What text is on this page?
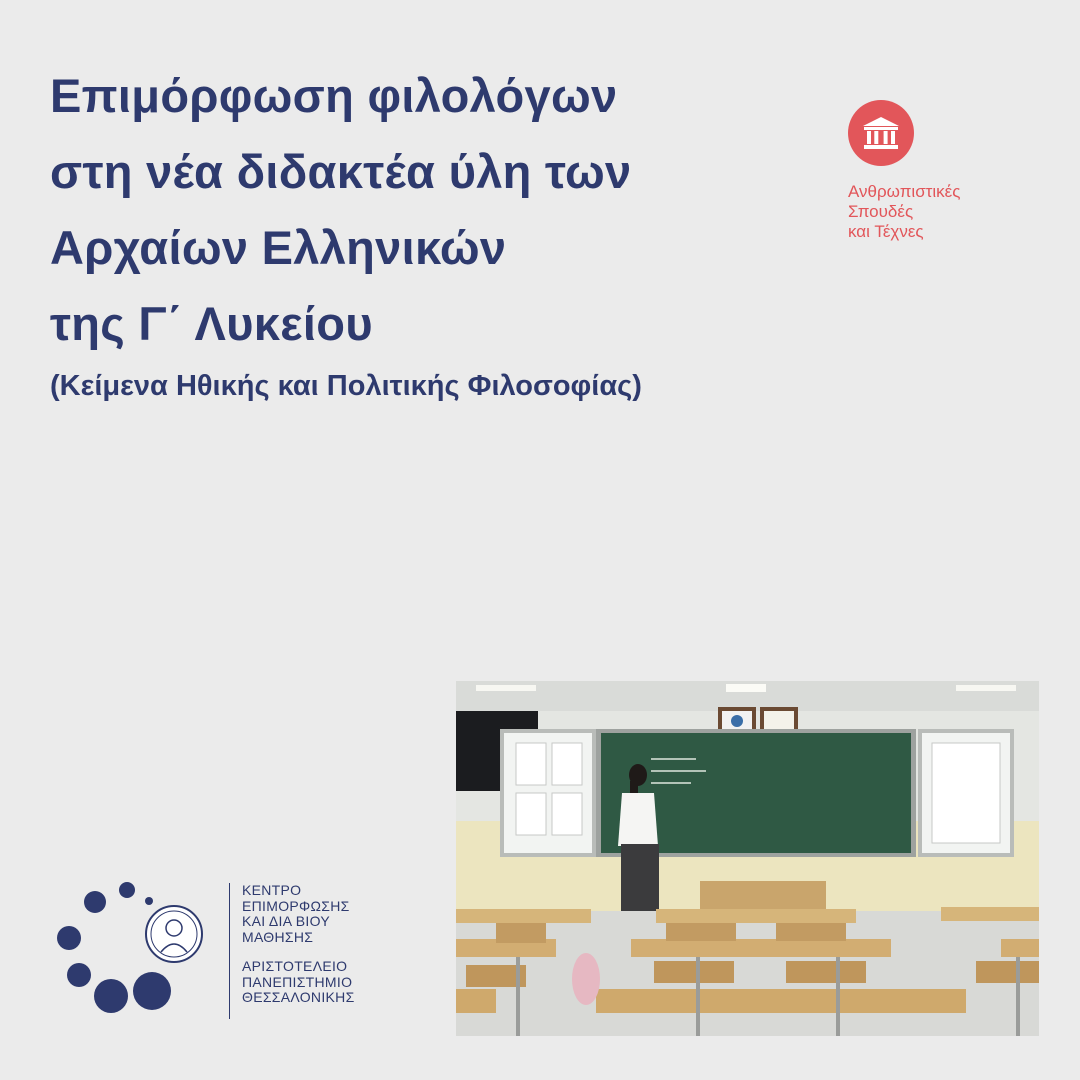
Επιμόρφωση φιλολόγων
στη νέα διδακτέα ύλη των
Αρχαίων Ελληνικών
της Γ΄ Λυκείου
(Κείμενα Ηθικής και Πολιτικής Φιλοσοφίας)
Ανθρωπιστικές
Σπουδές
και Τέχνες
ΚΕΝΤΡΟ
ΕΠΙΜΟΡΦΩΣΗΣ
ΚΑΙ ΔΙΑ ΒΙΟΥ
ΜΑΘΗΣΗΣ
ΑΡΙΣΤΟΤΕΛΕΙΟ
ΠΑΝΕΠΙΣΤΗΜΙΟ
ΘΕΣΣΑΛΟΝΙΚΗΣ
